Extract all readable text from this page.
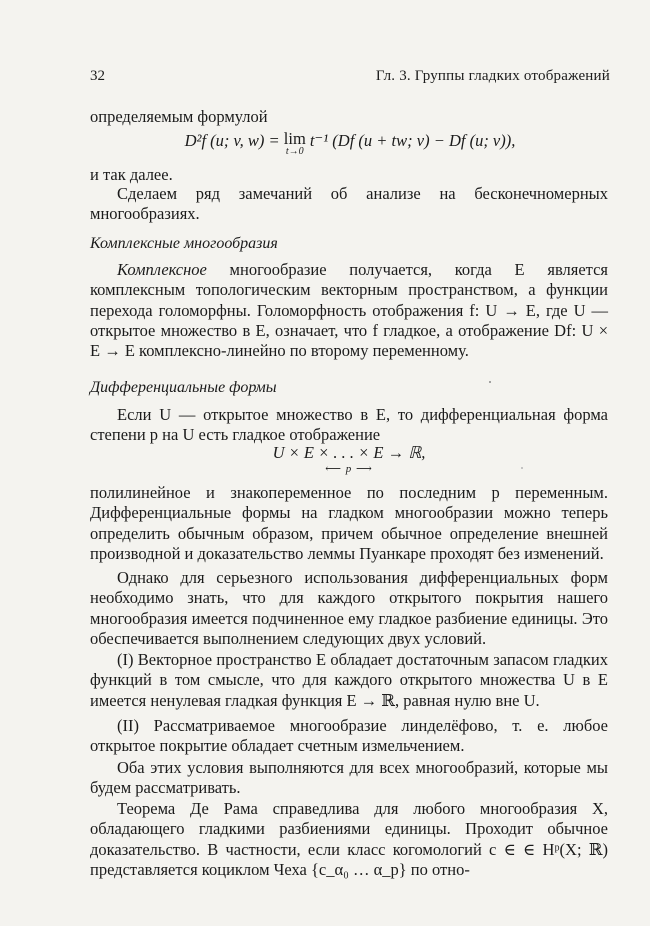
32	Гл. 3. Группы гладких отображений

определяемым формулой

D²f (u; v, w) = lim
t→0
t⁻¹ (Df (u + tw; v) − Df (u; v)),

и так далее.

Сделаем ряд замечаний об анализе на бесконечномерных многообразиях.

Комплексные многообразия

Комплексное многообразие получается, когда E является комплексным топологическим векторным пространством, а функции перехода голоморфны. Голоморфность отображения f: U → E, где U — открытое множество в E, означает, что f гладкое, а отображение Df: U × E → E комплексно-линейно по второму переменному.

Дифференциальные формы

Если U — открытое множество в E, то дифференциальная форма степени p на U есть гладкое отображение

U × E × . . . × E → ℝ,
⟵ p ⟶

полилинейное и знакопеременное по последним p переменным. Дифференциальные формы на гладком многообразии можно теперь определить обычным образом, причем обычное определение внешней производной и доказательство леммы Пуанкаре проходят без изменений.

Однако для серьезного использования дифференциальных форм необходимо знать, что для каждого открытого покрытия нашего многообразия имеется подчиненное ему гладкое разбиение единицы. Это обеспечивается выполнением следующих двух условий.

(I) Векторное пространство E обладает достаточным запасом гладких функций в том смысле, что для каждого открытого множества U в E имеется ненулевая гладкая функция E → ℝ, равная нулю вне U.

(II) Рассматриваемое многообразие линделёфово, т. е. любое открытое покрытие обладает счетным измельчением.

Оба этих условия выполняются для всех многообразий, которые мы будем рассматривать.

Теорема Де Рама справедлива для любого многообразия X, обладающего гладкими разбиениями единицы. Проходит обычное доказательство. В частности, если класс когомологий c ∈ ∈ Hᵖ(X; ℝ) представляется коциклом Чеха {c_α₀ … α_p} по отно-
